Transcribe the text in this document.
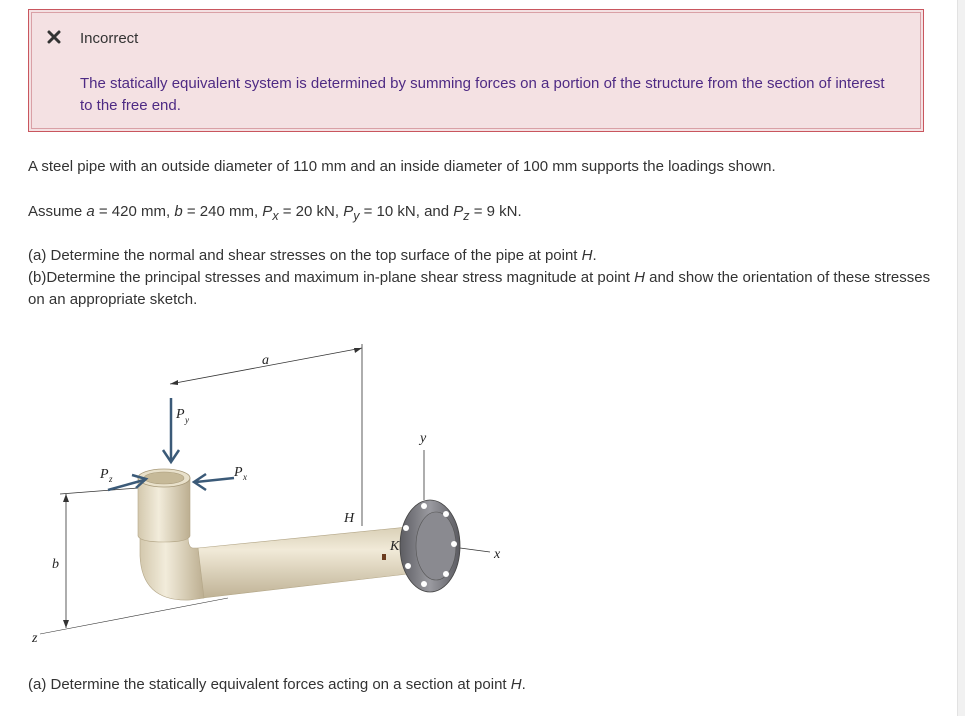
Incorrect
The statically equivalent system is determined by summing forces on a portion of the structure from the section of interest to the free end.
A steel pipe with an outside diameter of 110 mm and an inside diameter of 100 mm supports the loadings shown.
Assume a = 420 mm, b = 240 mm, $P_x = 20$ kN, $P_y = 10$ kN, and $P_z = 9$ kN.
(a) Determine the normal and shear stresses on the top surface of the pipe at point H.
(b)Determine the principal stresses and maximum in-plane shear stress magnitude at point H and show the orientation of these stresses on an appropriate sketch.
a
b
z
H
K
y
x
P y
P z	P x
(a) Determine the statically equivalent forces acting on a section at point H.
